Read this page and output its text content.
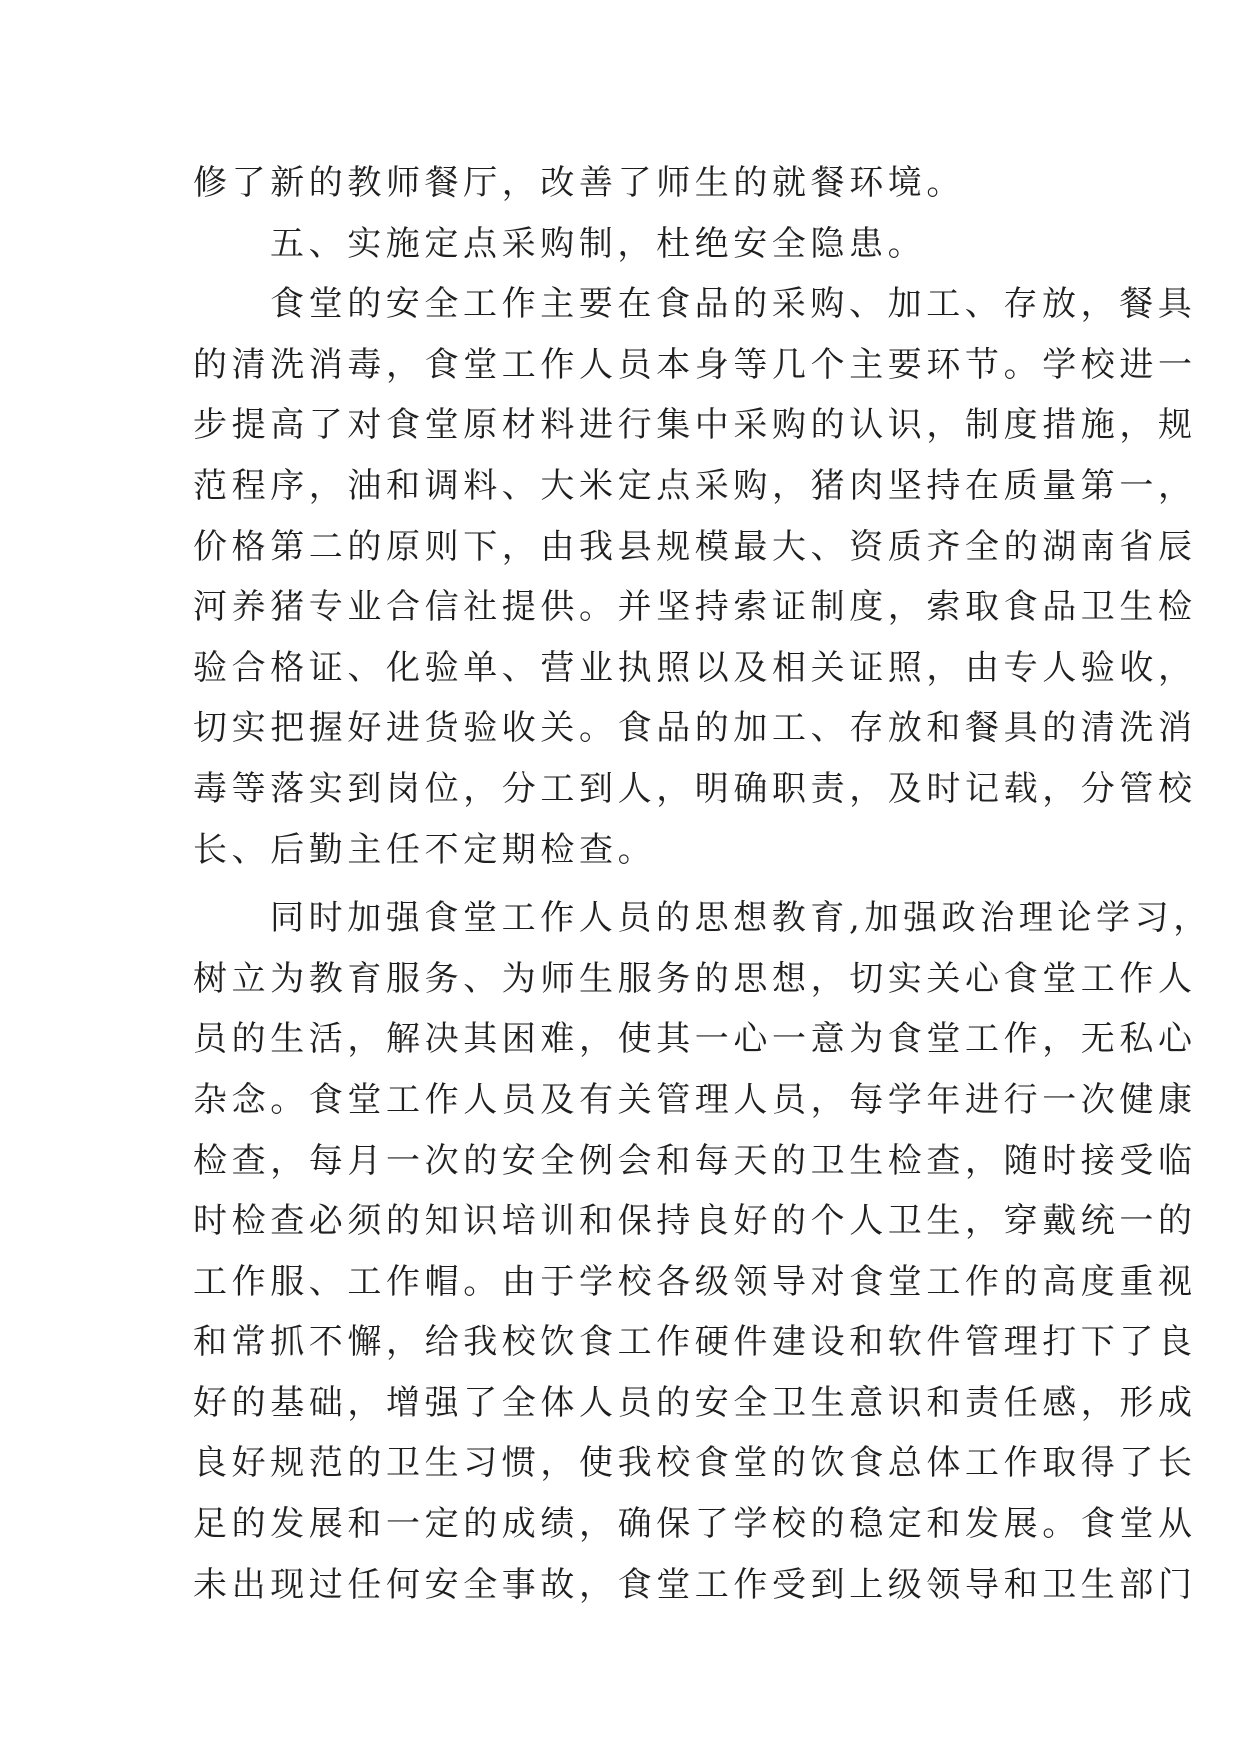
修了新的教师餐厅，改善了师生的就餐环境。
五、实施定点采购制，杜绝安全隐患。
食堂的安全工作主要在食品的采购、加工、存放，餐具
的清洗消毒，食堂工作人员本身等几个主要环节。学校进一
步提高了对食堂原材料进行集中采购的认识，制度措施，规
范程序，油和调料、大米定点采购，猪肉坚持在质量第一，
价格第二的原则下，由我县规模最大、资质齐全的湖南省辰
河养猪专业合信社提供。并坚持索证制度，索取食品卫生检
验合格证、化验单、营业执照以及相关证照，由专人验收，
切实把握好进货验收关。食品的加工、存放和餐具的清洗消
毒等落实到岗位，分工到人，明确职责，及时记载，分管校
长、后勤主任不定期检查。
同时加强食堂工作人员的思想教育,加强政治理论学习，
树立为教育服务、为师生服务的思想，切实关心食堂工作人
员的生活，解决其困难，使其一心一意为食堂工作，无私心
杂念。食堂工作人员及有关管理人员，每学年进行一次健康
检查，每月一次的安全例会和每天的卫生检查，随时接受临
时检查必须的知识培训和保持良好的个人卫生，穿戴统一的
工作服、工作帽。由于学校各级领导对食堂工作的高度重视
和常抓不懈，给我校饮食工作硬件建设和软件管理打下了良
好的基础，增强了全体人员的安全卫生意识和责任感，形成
良好规范的卫生习惯，使我校食堂的饮食总体工作取得了长
足的发展和一定的成绩，确保了学校的稳定和发展。食堂从
未出现过任何安全事故，食堂工作受到上级领导和卫生部门
